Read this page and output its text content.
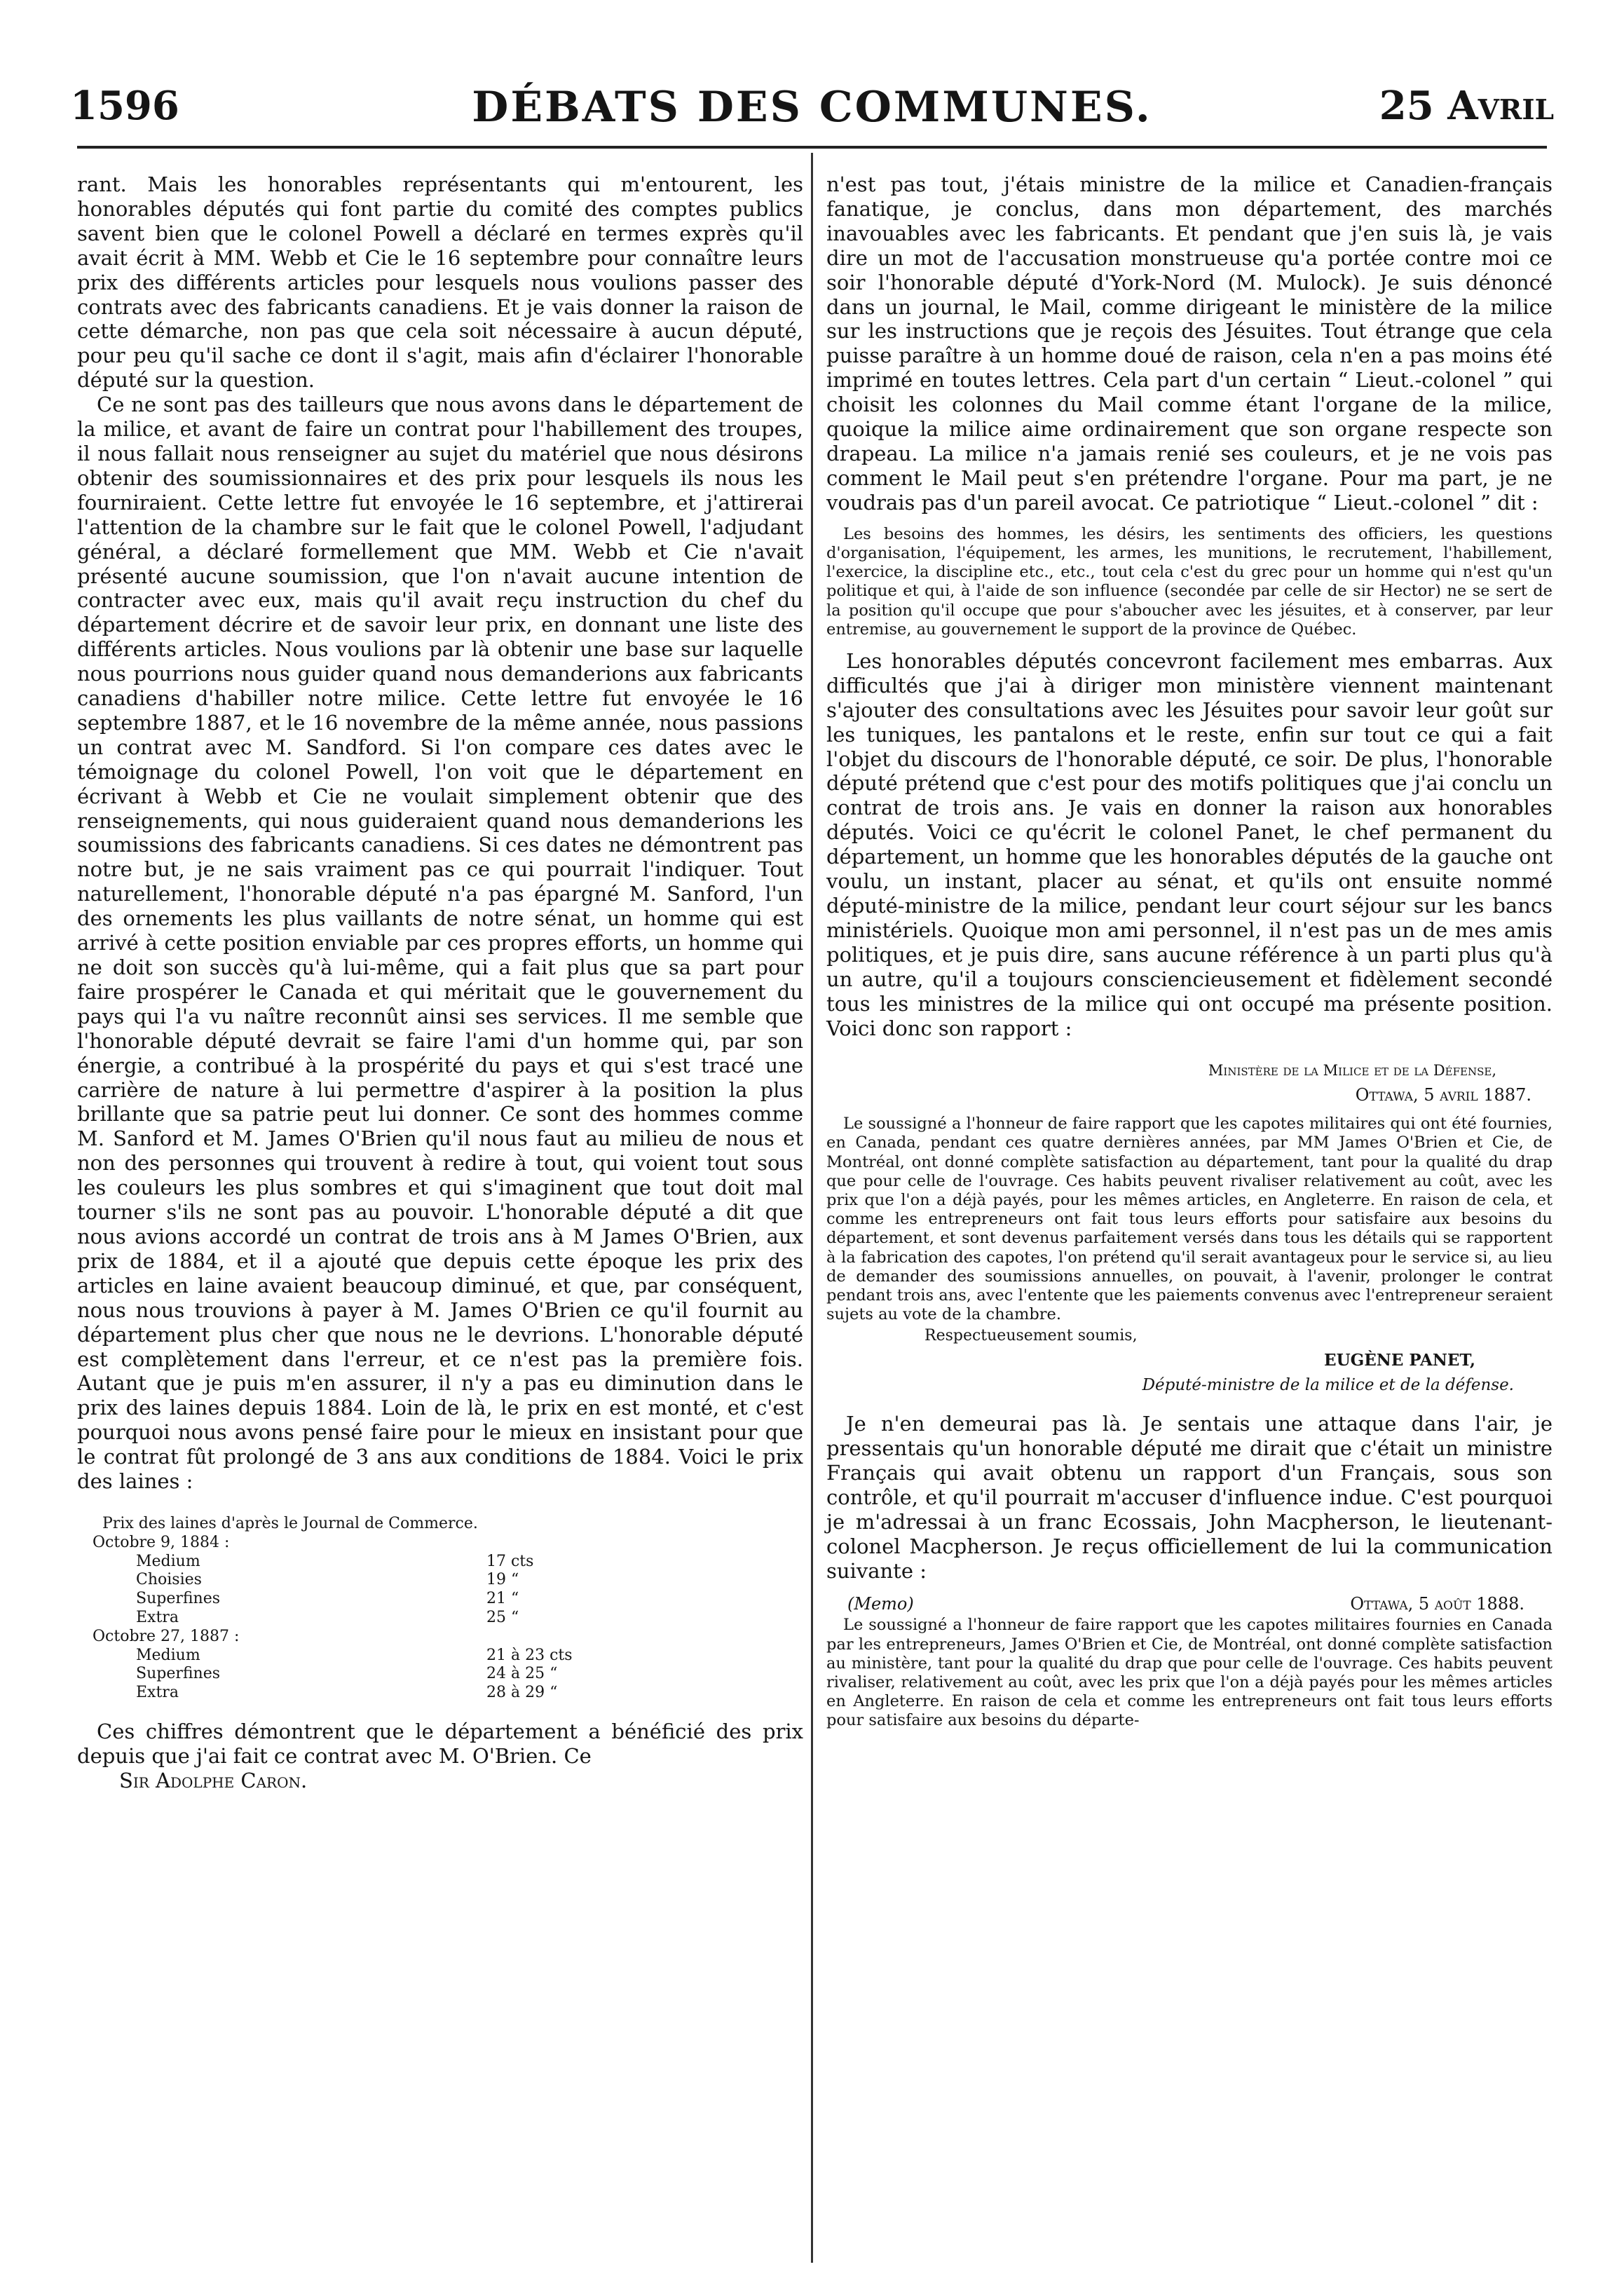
1596	DÉBATS DES COMMUNES.	25 Avril

rant. Mais les honorables représentants qui m'entourent, les honorables députés qui font partie du comité des comptes publics savent bien que le colonel Powell a déclaré en termes exprès qu'il avait écrit à MM. Webb et Cie le 16 septembre pour connaître leurs prix des différents articles pour lesquels nous voulions passer des contrats avec des fabricants canadiens. Et je vais donner la raison de cette démarche, non pas que cela soit nécessaire à aucun député, pour peu qu'il sache ce dont il s'agit, mais afin d'éclairer l'honorable député sur la question.

Ce ne sont pas des tailleurs que nous avons dans le département de la milice, et avant de faire un contrat pour l'habillement des troupes, il nous fallait nous renseigner au sujet du matériel que nous désirons obtenir des soumissionnaires et des prix pour lesquels ils nous les fourniraient. Cette lettre fut envoyée le 16 septembre, et j'attirerai l'attention de la chambre sur le fait que le colonel Powell, l'adjudant général, a déclaré formellement que MM. Webb et Cie n'avait présenté aucune soumission, que l'on n'avait aucune intention de contracter avec eux, mais qu'il avait reçu instruction du chef du département décrire et de savoir leur prix, en donnant une liste des différents articles. Nous voulions par là obtenir une base sur laquelle nous pourrions nous guider quand nous demanderions aux fabricants canadiens d'habiller notre milice. Cette lettre fut envoyée le 16 septembre 1887, et le 16 novembre de la même année, nous passions un contrat avec M. Sandford. Si l'on compare ces dates avec le témoignage du colonel Powell, l'on voit que le département en écrivant à Webb et Cie ne voulait simplement obtenir que des renseignements, qui nous guideraient quand nous demanderions les soumissions des fabricants canadiens. Si ces dates ne démontrent pas notre but, je ne sais vraiment pas ce qui pourrait l'indiquer. Tout naturellement, l'honorable député n'a pas épargné M. Sanford, l'un des ornements les plus vaillants de notre sénat, un homme qui est arrivé à cette position enviable par ces propres efforts, un homme qui ne doit son succès qu'à lui-même, qui a fait plus que sa part pour faire prospérer le Canada et qui méritait que le gouvernement du pays qui l'a vu naître reconnût ainsi ses services. Il me semble que l'honorable député devrait se faire l'ami d'un homme qui, par son énergie, a contribué à la prospérité du pays et qui s'est tracé une carrière de nature à lui permettre d'aspirer à la position la plus brillante que sa patrie peut lui donner. Ce sont des hommes comme M. Sanford et M. James O'Brien qu'il nous faut au milieu de nous et non des personnes qui trouvent à redire à tout, qui voient tout sous les couleurs les plus sombres et qui s'imaginent que tout doit mal tourner s'ils ne sont pas au pouvoir. L'honorable député a dit que nous avions accordé un contrat de trois ans à M James O'Brien, aux prix de 1884, et il a ajouté que depuis cette époque les prix des articles en laine avaient beaucoup diminué, et que, par conséquent, nous nous trouvions à payer à M. James O'Brien ce qu'il fournit au département plus cher que nous ne le devrions. L'honorable député est complètement dans l'erreur, et ce n'est pas la première fois. Autant que je puis m'en assurer, il n'y a pas eu diminution dans le prix des laines depuis 1884. Loin de là, le prix en est monté, et c'est pourquoi nous avons pensé faire pour le mieux en insistant pour que le contrat fût prolongé de 3 ans aux conditions de 1884. Voici le prix des laines :

Prix des laines d'après le Journal de Commerce.
Octobre 9, 1884 :
Medium	17 cts
Choisies	19 “
Superfines	21 “
Extra	25 “
Octobre 27, 1887 :
Medium	21 à 23 cts
Superfines	24 à 25 “
Extra	28 à 29 “

Ces chiffres démontrent que le département a bénéficié des prix depuis que j'ai fait ce contrat avec M. O'Brien. Ce

Sir Adolphe Caron.

n'est pas tout, j'étais ministre de la milice et Canadien-français fanatique, je conclus, dans mon département, des marchés inavouables avec les fabricants. Et pendant que j'en suis là, je vais dire un mot de l'accusation monstrueuse qu'a portée contre moi ce soir l'honorable député d'York-Nord (M. Mulock). Je suis dénoncé dans un journal, le Mail, comme dirigeant le ministère de la milice sur les instructions que je reçois des Jésuites. Tout étrange que cela puisse paraître à un homme doué de raison, cela n'en a pas moins été imprimé en toutes lettres. Cela part d'un certain “ Lieut.-colonel ” qui choisit les colonnes du Mail comme étant l'organe de la milice, quoique la milice aime ordinairement que son organe respecte son drapeau. La milice n'a jamais renié ses couleurs, et je ne vois pas comment le Mail peut s'en prétendre l'organe. Pour ma part, je ne voudrais pas d'un pareil avocat. Ce patriotique “ Lieut.-colonel ” dit :

Les besoins des hommes, les désirs, les sentiments des officiers, les questions d'organisation, l'équipement, les armes, les munitions, le recrutement, l'habillement, l'exercice, la discipline etc., etc., tout cela c'est du grec pour un homme qui n'est qu'un politique et qui, à l'aide de son influence (secondée par celle de sir Hector) ne se sert de la position qu'il occupe que pour s'aboucher avec les jésuites, et à conserver, par leur entremise, au gouvernement le support de la province de Québec.

Les honorables députés concevront facilement mes embarras. Aux difficultés que j'ai à diriger mon ministère viennent maintenant s'ajouter des consultations avec les Jésuites pour savoir leur goût sur les tuniques, les pantalons et le reste, enfin sur tout ce qui a fait l'objet du discours de l'honorable député, ce soir. De plus, l'honorable député prétend que c'est pour des motifs politiques que j'ai conclu un contrat de trois ans. Je vais en donner la raison aux honorables députés. Voici ce qu'écrit le colonel Panet, le chef permanent du département, un homme que les honorables députés de la gauche ont voulu, un instant, placer au sénat, et qu'ils ont ensuite nommé député-ministre de la milice, pendant leur court séjour sur les bancs ministériels. Quoique mon ami personnel, il n'est pas un de mes amis politiques, et je puis dire, sans aucune référence à un parti plus qu'à un autre, qu'il a toujours consciencieusement et fidèlement secondé tous les ministres de la milice qui ont occupé ma présente position. Voici donc son rapport :

Ministère de la Milice et de la Défense,
Ottawa, 5 avril 1887.

Le soussigné a l'honneur de faire rapport que les capotes militaires qui ont été fournies, en Canada, pendant ces quatre dernières années, par MM James O'Brien et Cie, de Montréal, ont donné complète satisfaction au département, tant pour la qualité du drap que pour celle de l'ouvrage. Ces habits peuvent rivaliser relativement au coût, avec les prix que l'on a déjà payés, pour les mêmes articles, en Angleterre. En raison de cela, et comme les entrepreneurs ont fait tous leurs efforts pour satisfaire aux besoins du département, et sont devenus parfaitement versés dans tous les détails qui se rapportent à la fabrication des capotes, l'on prétend qu'il serait avantageux pour le service si, au lieu de demander des soumissions annuelles, on pouvait, à l'avenir, prolonger le contrat pendant trois ans, avec l'entente que les paiements convenus avec l'entrepreneur seraient sujets au vote de la chambre.

Respectueusement soumis,
EUGÈNE PANET,
Député-ministre de la milice et de la défense.

Je n'en demeurai pas là. Je sentais une attaque dans l'air, je pressentais qu'un honorable député me dirait que c'était un ministre Français qui avait obtenu un rapport d'un Français, sous son contrôle, et qu'il pourrait m'accuser d'influence indue. C'est pourquoi je m'adressai à un franc Ecossais, John Macpherson, le lieutenant-colonel Macpherson. Je reçus officiellement de lui la communication suivante :

(Memo)	Ottawa, 5 août 1888.

Le soussigné a l'honneur de faire rapport que les capotes militaires fournies en Canada par les entrepreneurs, James O'Brien et Cie, de Montréal, ont donné complète satisfaction au ministère, tant pour la qualité du drap que pour celle de l'ouvrage. Ces habits peuvent rivaliser, relativement au coût, avec les prix que l'on a déjà payés pour les mêmes articles en Angleterre. En raison de cela et comme les entrepreneurs ont fait tous leurs efforts pour satisfaire aux besoins du départe-
